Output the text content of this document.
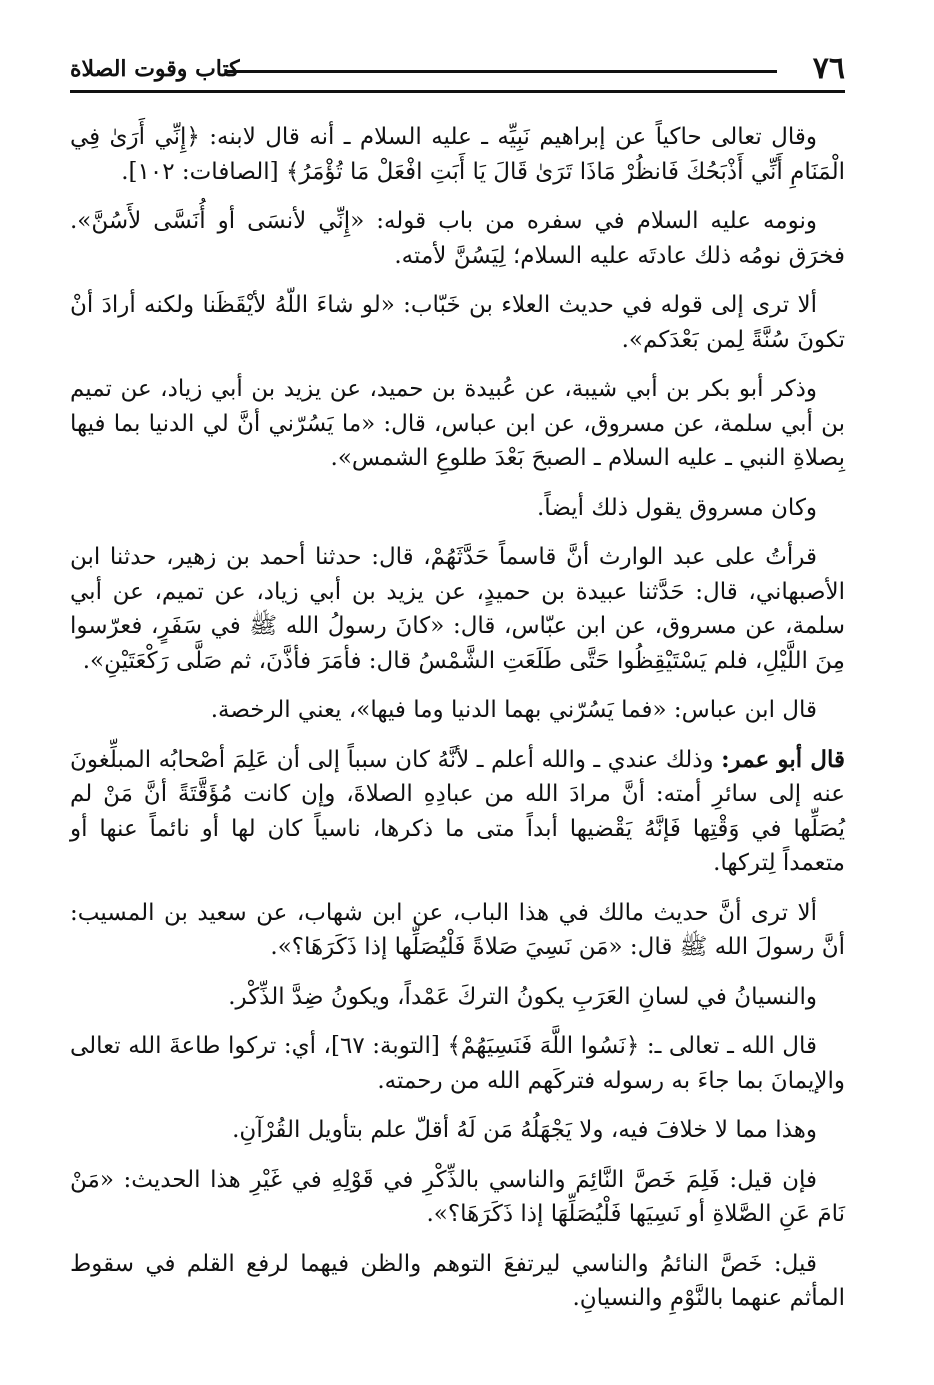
٧٦
كتاب وقوت الصلاة

وقال تعالى حاكياً عن إبراهيم نَبِيِّه ـ عليه السلام ـ أنه قال لابنه: ﴿إِنِّي أَرَىٰ فِي الْمَنَامِ أَنِّي أَذْبَحُكَ فَانظُرْ مَاذَا تَرَىٰ قَالَ يَا أَبَتِ افْعَلْ مَا تُؤْمَرُ﴾ [الصافات: ١٠٢].

ونومه عليه السلام في سفره من باب قوله: «إِنِّي لأنسَى أو أُنَسَّى لأَسُنَّ». فخرَق نومُه ذلك عادتَه عليه السلام؛ لِيَسُنَّ لأمته.

ألا ترى إلى قوله في حديث العلاء بن خَبّاب: «لو شاءَ اللّهُ لأيْقَظَنا ولكنه أرادَ أنْ تكونَ سُنَّةً لِمن بَعْدَكم».

وذكر أبو بكر بن أبي شيبة، عن عُبيدة بن حميد، عن يزيد بن أبي زياد، عن تميم بن أبي سلمة، عن مسروق، عن ابن عباس، قال: «ما يَسُرّني أنَّ لي الدنيا بما فيها بِصلاةِ النبي ـ عليه السلام ـ الصبحَ بَعْدَ طلوعِ الشمس».

وكان مسروق يقول ذلك أيضاً.

قرأتُ على عبد الوارث أنَّ قاسماً حَدَّثَهُمْ، قال: حدثنا أحمد بن زهير، حدثنا ابن الأصبهاني، قال: حَدَّثنا عبيدة بن حميدٍ، عن يزيد بن أبي زياد، عن تميم، عن أبي سلمة، عن مسروق، عن ابن عبّاس، قال: «كانَ رسولُ الله ﷺ في سَفَرٍ، فعرّسوا مِنَ اللَّيْلِ، فلم يَسْتَيْقِظُوا حَتَّى طَلَعَتِ الشَّمْسُ قال: فأمَرَ فأذَّنَ، ثم صَلَّى رَكْعَتَيْنِ».

قال ابن عباس: «فما يَسُرّني بهما الدنيا وما فيها»، يعني الرخصة.

قال أبو عمر: وذلك عندي ـ والله أعلم ـ لأنَّهُ كان سبباً إلى أن عَلِمَ أصْحابُه المبلِّغونَ عنه إلى سائرِ أمته: أنَّ مرادَ الله من عبادِهِ الصلاةَ، وإن كانت مُؤَقَّتَةً أنَّ مَنْ لم يُصَلِّها في وَقْتِها فَإنَّهُ يَقْضيها أبداً متى ما ذكرها، ناسياً كان لها أو نائماً عنها أو متعمداً لِتركها.

ألا ترى أنَّ حديث مالك في هذا الباب، عن ابن شهاب، عن سعيد بن المسيب: أنَّ رسولَ الله ﷺ قال: «مَن نَسِيَ صَلاةً فَلْيُصَلِّها إذا ذَكَرَهَا؟».

والنسيانُ في لسانِ العَرَبِ يكونُ التركَ عَمْداً، ويكونُ ضِدَّ الذِّكْر.

قال الله ـ تعالى ـ: ﴿نَسُوا اللَّهَ فَنَسِيَهُمْ﴾ [التوبة: ٦٧]، أي: تركوا طاعةَ الله تعالى والإيمانَ بما جاءَ به رسوله فتركَهم الله من رحمته.

وهذا مما لا خلافَ فيه، ولا يَجْهَلُهُ مَن لَهُ أقلّ علم بتأويل القُرْآنِ.

فإن قيل: فَلِمَ خَصَّ النَّائِمَ والناسي بالذِّكْرِ في قَوْلِهِ في غَيْرِ هذا الحديث: «مَنْ نَامَ عَنِ الصَّلاةِ أو نَسِيَها فَلْيُصَلِّهَا إذا ذَكَرَهَا؟».

قيل: خَصَّ النائمُ والناسي ليرتفعَ التوهم والظن فيهما لرفع القلم في سقوط المأثم عنهما بالنَّوْمِ والنسيانِ.
